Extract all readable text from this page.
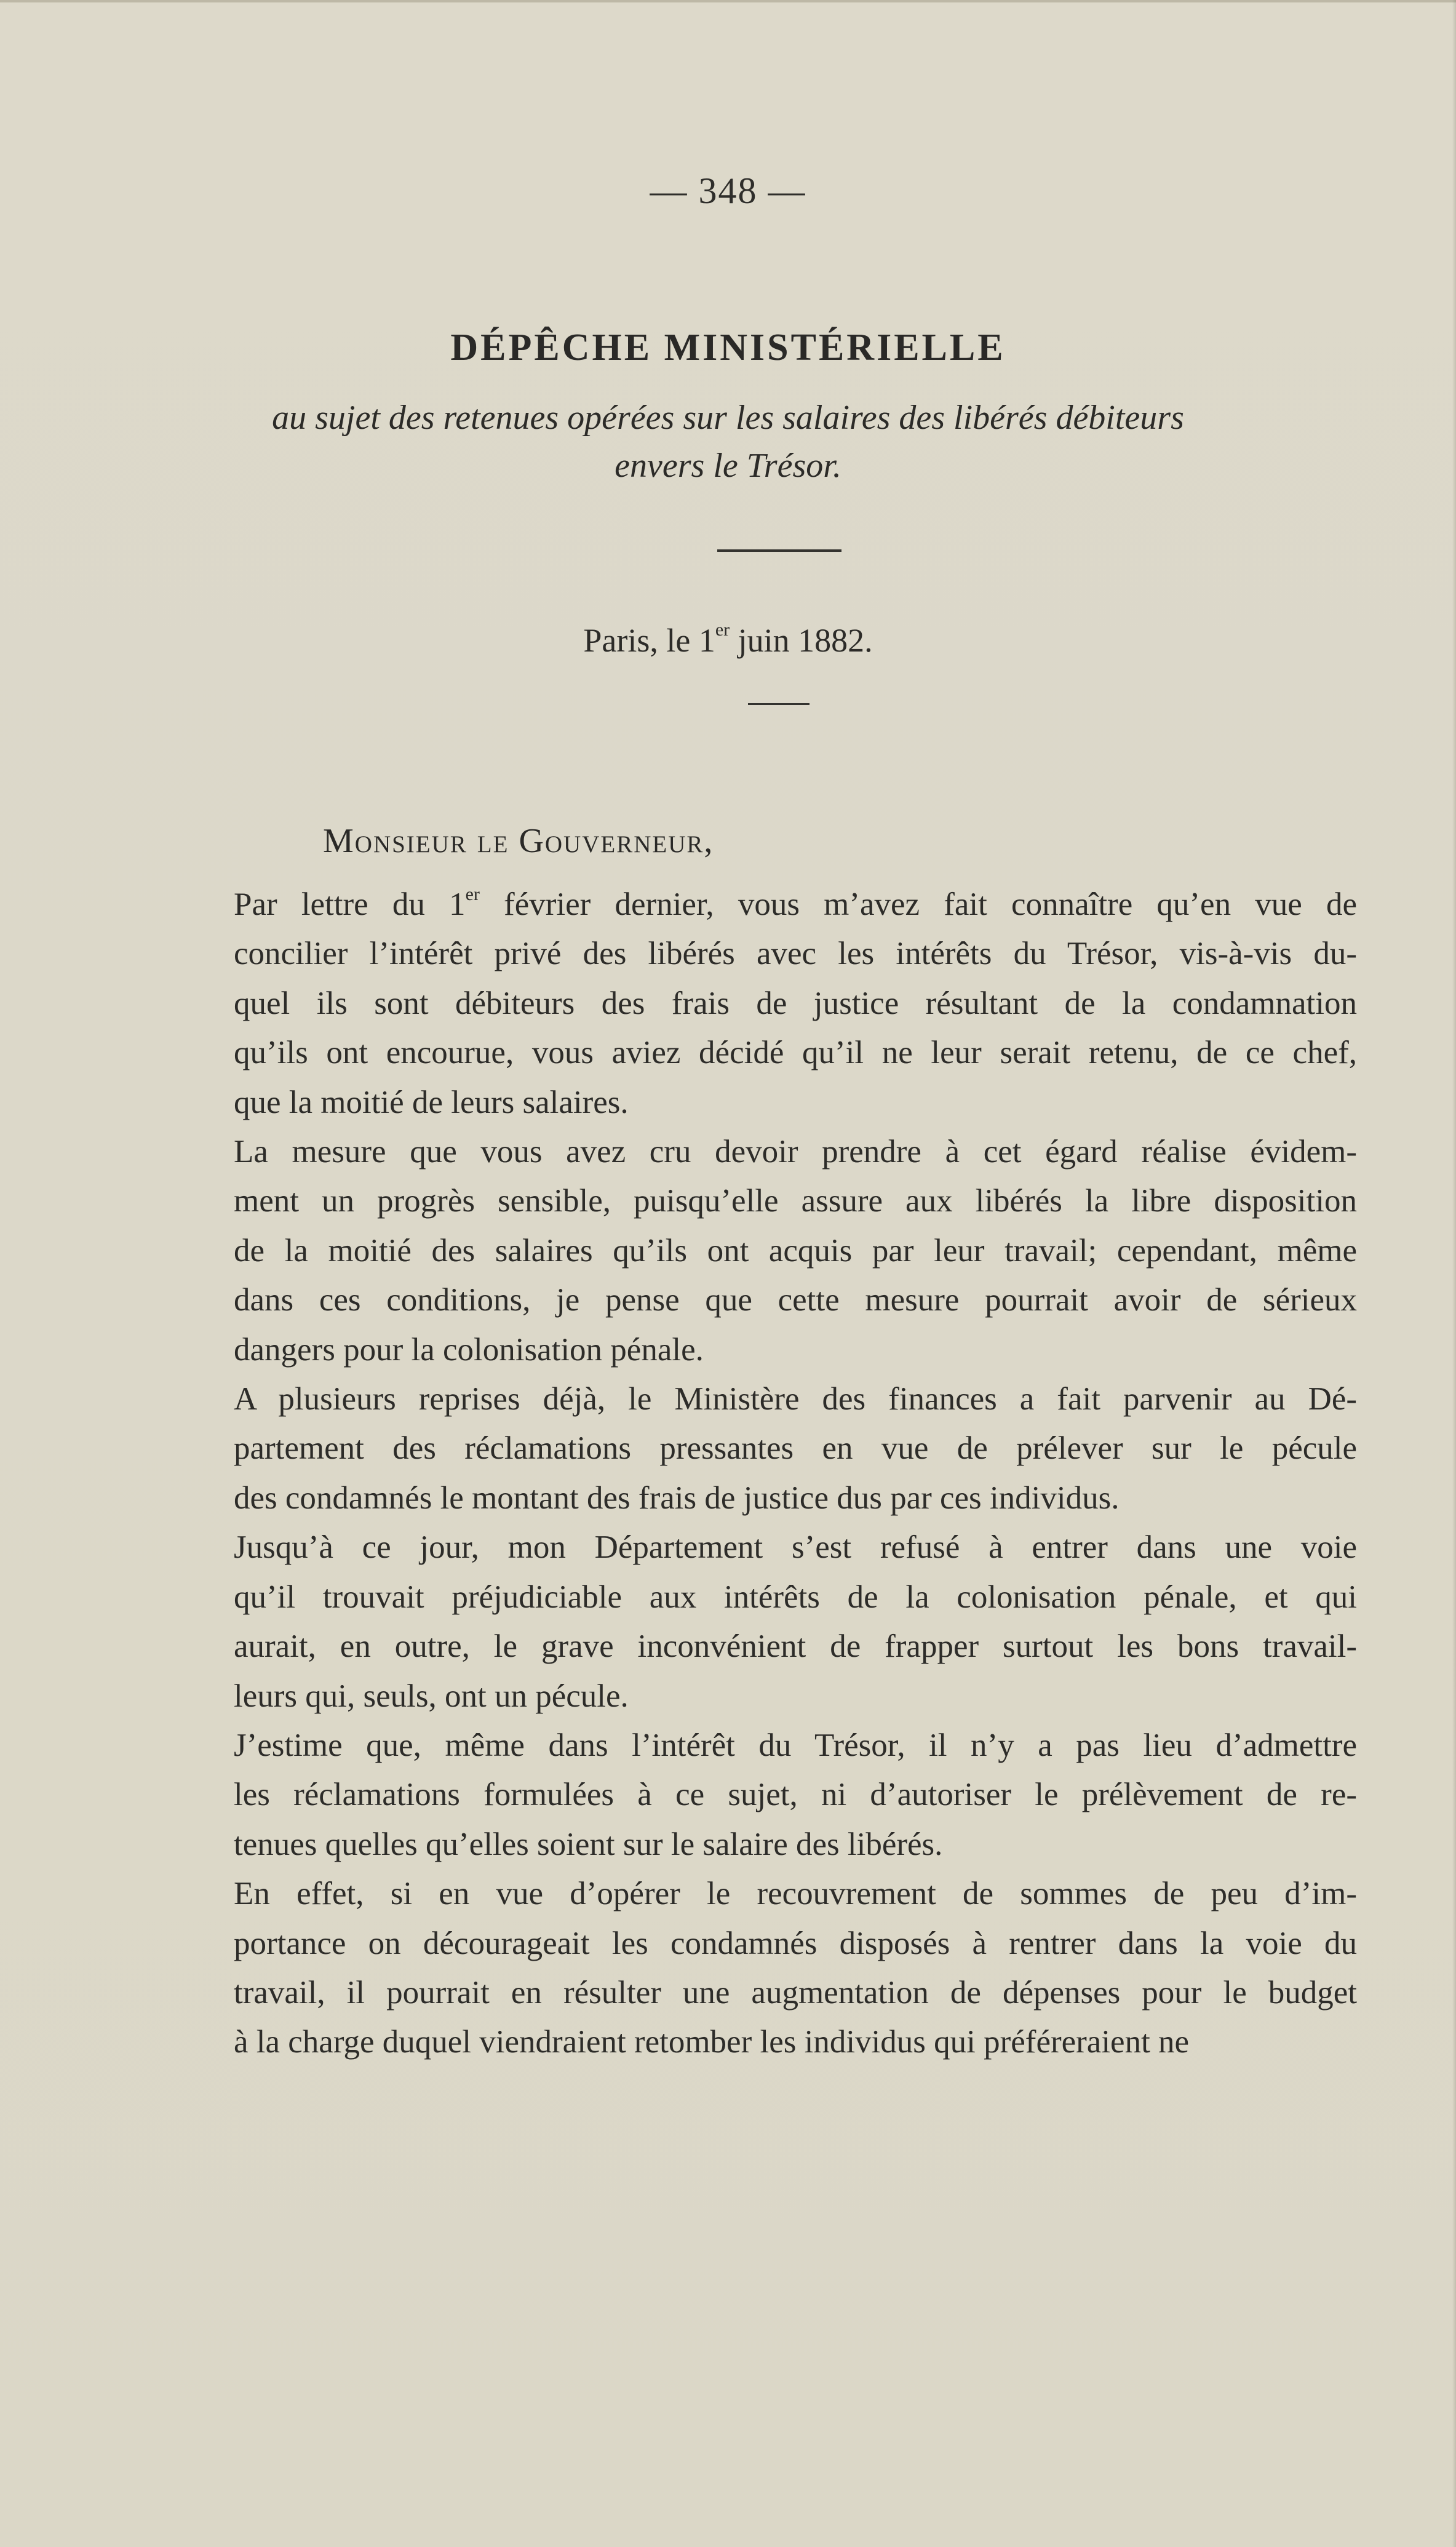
— 348 —
DÉPÊCHE MINISTÉRIELLE
au sujet des retenues opérées sur les salaires des libérés débiteurs
envers le Trésor.
Paris, le 1er juin 1882.
Monsieur le Gouverneur,

Par lettre du 1er février dernier, vous m’avez fait connaître qu’en vue de
concilier l’intérêt privé des libérés avec les intérêts du Trésor, vis-à-vis du-
quel ils sont débiteurs des frais de justice résultant de la condamnation
qu’ils ont encourue, vous aviez décidé qu’il ne leur serait retenu, de ce chef,
que la moitié de leurs salaires.

La mesure que vous avez cru devoir prendre à cet égard réalise évidem-
ment un progrès sensible, puisqu’elle assure aux libérés la libre disposition
de la moitié des salaires qu’ils ont acquis par leur travail; cependant, même
dans ces conditions, je pense que cette mesure pourrait avoir de sérieux
dangers pour la colonisation pénale.

A plusieurs reprises déjà, le Ministère des finances a fait parvenir au Dé-
partement des réclamations pressantes en vue de prélever sur le pécule
des condamnés le montant des frais de justice dus par ces individus.

Jusqu’à ce jour, mon Département s’est refusé à entrer dans une voie
qu’il trouvait préjudiciable aux intérêts de la colonisation pénale, et qui
aurait, en outre, le grave inconvénient de frapper surtout les bons travail-
leurs qui, seuls, ont un pécule.

J’estime que, même dans l’intérêt du Trésor, il n’y a pas lieu d’admettre
les réclamations formulées à ce sujet, ni d’autoriser le prélèvement de re-
tenues quelles qu’elles soient sur le salaire des libérés.

En effet, si en vue d’opérer le recouvrement de sommes de peu d’im-
portance on décourageait les condamnés disposés à rentrer dans la voie du
travail, il pourrait en résulter une augmentation de dépenses pour le budget
à la charge duquel viendraient retomber les individus qui préféreraient ne
